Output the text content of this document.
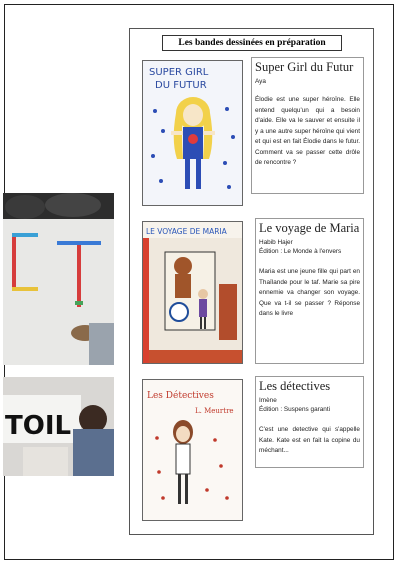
TOIL
Les bandes dessinées en préparation
SUPER GIRL
DU FUTUR
Super Girl du Futur
Aya
Élodie est une super héroïne. Elle entend quelqu'un qui a besoin d'aide. Elle va le sauver et ensuite il y a une autre super héroïne qui vient et qui est en fait Élodie dans le futur. Comment va se passer cette drôle de rencontre ?
LE VOYAGE DE MARIA	Le voyage de Maria
Habib Hajer
Édition : Le Monde à l'envers
Maria est une jeune fille qui part en Thaïlande pour le taf. Marie sa pire ennemie va changer son voyage. Que va t-il se passer ? Réponse dans le livre
Les Détectives
L. Meurtre
Les détectives
Imène
Édition : Suspens garanti
C'est une detective qui s'appelle Kate. Kate est en fait la copine du méchant...
